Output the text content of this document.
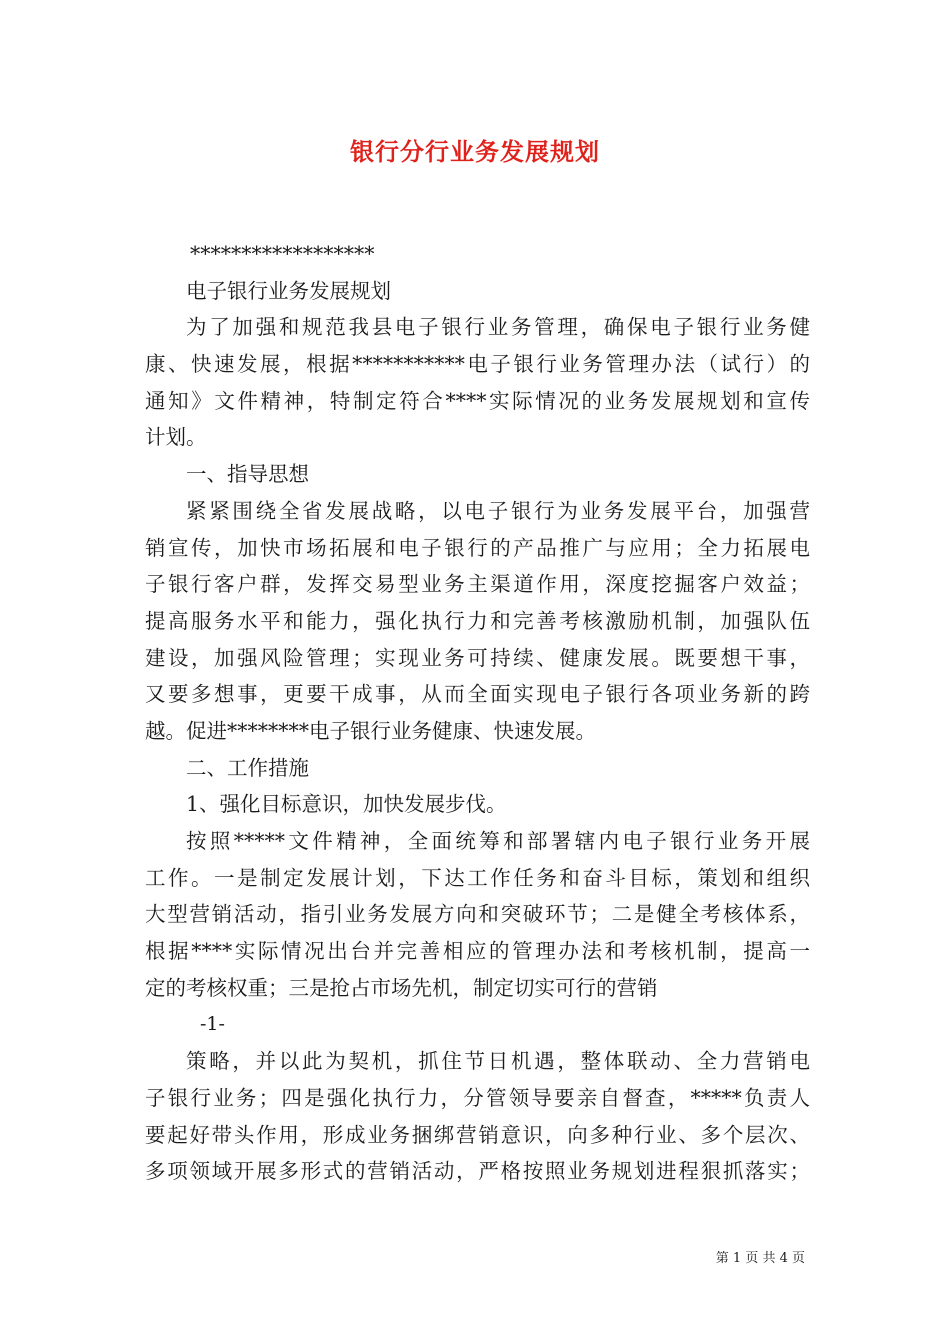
银行分行业务发展规划
******************
电子银行业务发展规划
为了加强和规范我县电子银行业务管理，确保电子银行业务健
康、快速发展，根据***********电子银行业务管理办法（试行）的
通知》文件精神，特制定符合****实际情况的业务发展规划和宣传
计划。
一、指导思想
紧紧围绕全省发展战略，以电子银行为业务发展平台，加强营
销宣传，加快市场拓展和电子银行的产品推广与应用；全力拓展电
子银行客户群，发挥交易型业务主渠道作用，深度挖掘客户效益；
提高服务水平和能力，强化执行力和完善考核激励机制，加强队伍
建设，加强风险管理；实现业务可持续、健康发展。既要想干事，
又要多想事，更要干成事，从而全面实现电子银行各项业务新的跨
越。促进********电子银行业务健康、快速发展。
二、工作措施
1、强化目标意识，加快发展步伐。
按照*****文件精神，全面统筹和部署辖内电子银行业务开展
工作。一是制定发展计划，下达工作任务和奋斗目标，策划和组织
大型营销活动，指引业务发展方向和突破环节；二是健全考核体系，
根据****实际情况出台并完善相应的管理办法和考核机制，提高一
定的考核权重；三是抢占市场先机，制定切实可行的营销
-1-
策略，并以此为契机，抓住节日机遇，整体联动、全力营销电
子银行业务；四是强化执行力，分管领导要亲自督查，*****负责人
要起好带头作用，形成业务捆绑营销意识，向多种行业、多个层次、
多项领域开展多形式的营销活动，严格按照业务规划进程狠抓落实；
第 1 页 共 4 页
